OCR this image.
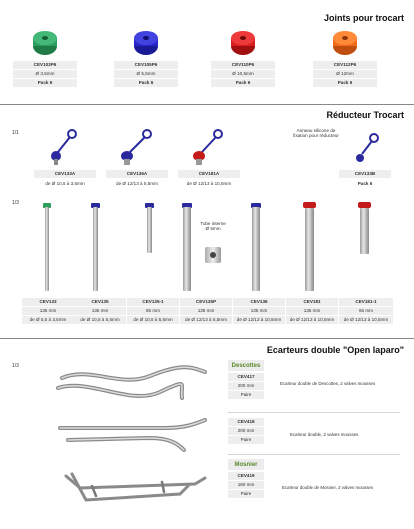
Joints pour trocart
CEV103P6
Ø 3,5mm
Pack 6
CEV105P6
Ø 5,5mm
Pack 6
CEV110P6
Ø 10,5mm
Pack 6
CEV112P6
Ø 12mm
Pack 6
Réducteur Trocart
1/1	Anneau silicone de fixation pour réducteur
CEV133A
de Ø 10,5 à 3,5mm
CEV136A
de Ø 12/13 à 5,5mm
CEV181A
de Ø 12/13 à 10,5mm
CEV133B
Pack 6
1/3
Tube interne Ø 5mm
CEV133
135 mm
de Ø 5,5 à 3,5mm
CEV135
135 mm
de Ø 10,5 à 5,5mm
CEV135-1
65 mm
de Ø 10,5 à 5,5mm
CEV135P
135 mm
de Ø 12/13 à 5,5mm
CEV136
135 mm
de Ø 12/13 à 10,5mm
CEV181
135 mm
de Ø 12/13 à 10,5mm
CEV181-1
65 mm
de Ø 12/13 à 10,5mm
Ecarteurs double "Open laparo"
1/3	Descottes
CEV417
200 mm
Paire
Ecarteur double de Descottes, 2 valves mousses
CEV418
200 mm
Paire
Ecarteur double, 2 valves mousses
Mosnier
CEV419
160 mm
Paire
Ecarteur double de Mosnier, 2 valves mousses
